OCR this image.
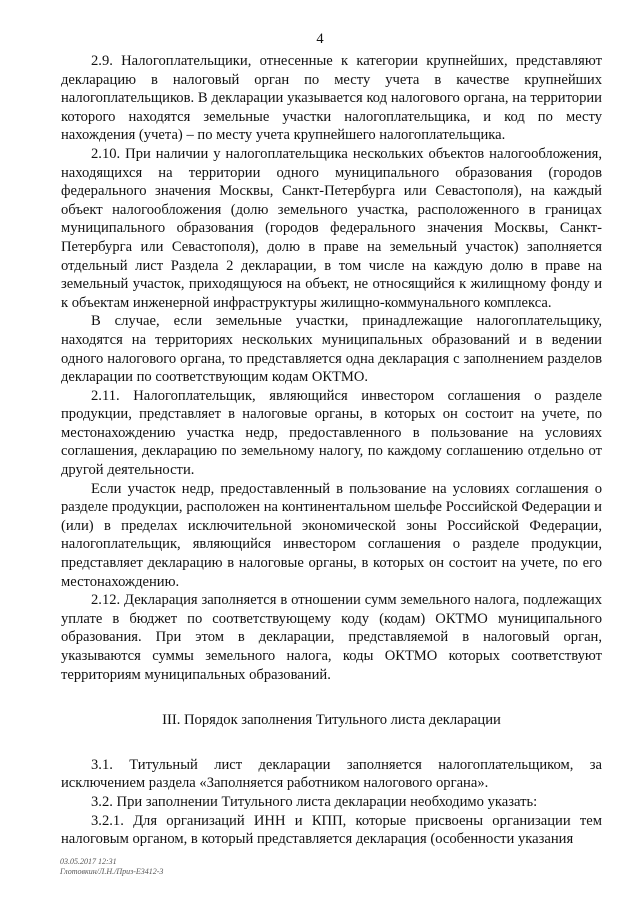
4

2.9. Налогоплательщики, отнесенные к категории крупнейших, представляют декларацию в налоговый орган по месту учета в качестве крупнейших налогоплательщиков. В декларации указывается код налогового органа, на территории которого находятся земельные участки налогоплательщика, и код по месту нахождения (учета) – по месту учета крупнейшего налогоплательщика.

2.10. При наличии у налогоплательщика нескольких объектов налогообложения, находящихся на территории одного муниципального образования (городов федерального значения Москвы, Санкт-Петербурга или Севастополя), на каждый объект налогообложения (долю земельного участка, расположенного в границах муниципального образования (городов федерального значения Москвы, Санкт-Петербурга или Севастополя), долю в праве на земельный участок) заполняется отдельный лист Раздела 2 декларации, в том числе на каждую долю в праве на земельный участок, приходящуюся на объект, не относящийся к жилищному фонду и к объектам инженерной инфраструктуры жилищно-коммунального комплекса.

В случае, если земельные участки, принадлежащие налогоплательщику, находятся на территориях нескольких муниципальных образований и в ведении одного налогового органа, то представляется одна декларация с заполнением разделов декларации по соответствующим кодам ОКТМО.

2.11. Налогоплательщик, являющийся инвестором соглашения о разделе продукции, представляет в налоговые органы, в которых он состоит на учете, по местонахождению участка недр, предоставленного в пользование на условиях соглашения, декларацию по земельному налогу, по каждому соглашению отдельно от другой деятельности.

Если участок недр, предоставленный в пользование на условиях соглашения о разделе продукции, расположен на континентальном шельфе Российской Федерации и (или) в пределах исключительной экономической зоны Российской Федерации, налогоплательщик, являющийся инвестором соглашения о разделе продукции, представляет декларацию в налоговые органы, в которых он состоит на учете, по его местонахождению.

2.12. Декларация заполняется в отношении сумм земельного налога, подлежащих уплате в бюджет по соответствующему коду (кодам) ОКТМО муниципального образования. При этом в декларации, представляемой в налоговый орган, указываются суммы земельного налога, коды ОКТМО которых соответствуют территориям муниципальных образований.

III. Порядок заполнения Титульного листа декларации

3.1. Титульный лист декларации заполняется налогоплательщиком, за исключением раздела «Заполняется работником налогового органа».

3.2. При заполнении Титульного листа декларации необходимо указать:

3.2.1. Для организаций ИНН и КПП, которые присвоены организации тем налоговым органом, в который представляется декларация (особенности указания

03.05.2017 12:31
Глотовкин/Л.Н./Приз-Е3412-3
